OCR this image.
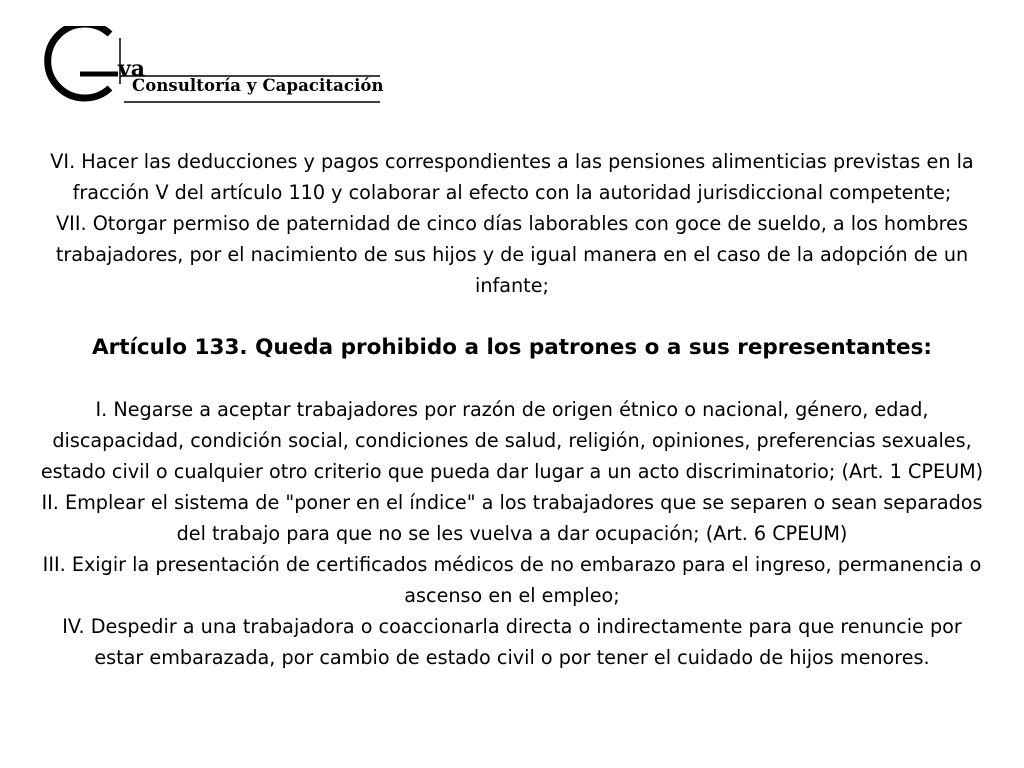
va
Consultoría y Capacitación

VI. Hacer las deducciones y pagos correspondientes a las pensiones alimenticias previstas en la fracción V del artículo 110 y colaborar al efecto con la autoridad jurisdiccional competente;

VII. Otorgar permiso de paternidad de cinco días laborables con goce de sueldo, a los hombres trabajadores, por el nacimiento de sus hijos y de igual manera en el caso de la adopción de un infante;

Artículo 133. Queda prohibido a los patrones o a sus representantes:

I. Negarse a aceptar trabajadores por razón de origen étnico o nacional, género, edad, discapacidad, condición social, condiciones de salud, religión, opiniones, preferencias sexuales, estado civil o cualquier otro criterio que pueda dar lugar a un acto discriminatorio; (Art. 1 CPEUM)

II. Emplear el sistema de "poner en el índice" a los trabajadores que se separen o sean separados del trabajo para que no se les vuelva a dar ocupación; (Art. 6 CPEUM)

III. Exigir la presentación de certificados médicos de no embarazo para el ingreso, permanencia o ascenso en el empleo;

IV. Despedir a una trabajadora o coaccionarla directa o indirectamente para que renuncie por estar embarazada, por cambio de estado civil o por tener el cuidado de hijos menores.
